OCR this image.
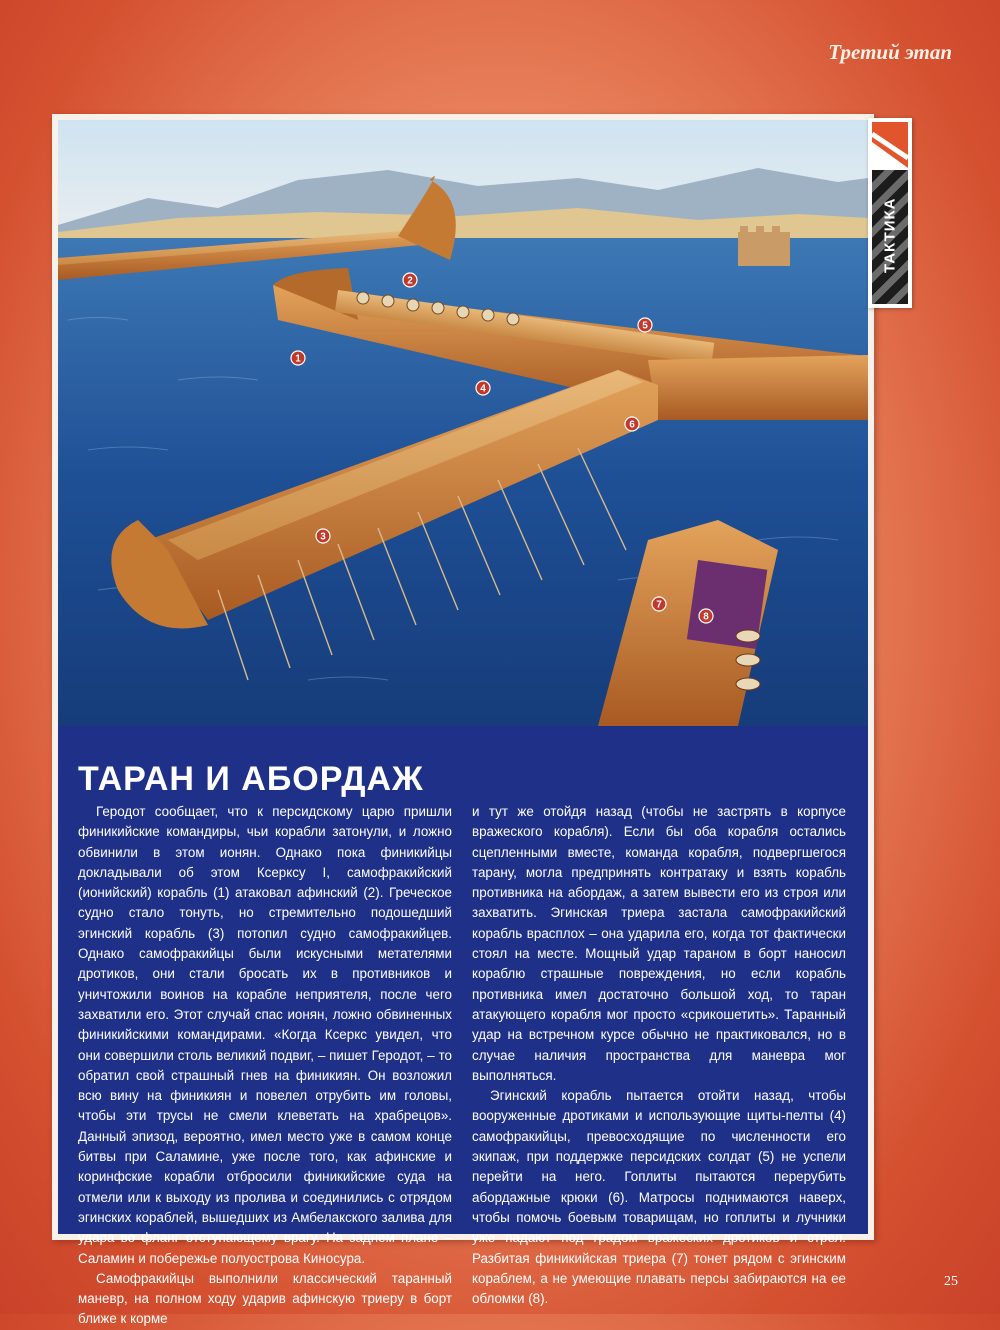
Третий этап
1
2
3
4
5
6
7
8
ТАКТИКА
ТАРАН И АБОРДАЖ

Геродот сообщает, что к персидскому царю пришли финикийские командиры, чьи корабли затонули, и ложно обвинили в этом ионян. Однако пока финикийцы докладывали об этом Ксерксу I, самофракийский (ионийский) корабль (1) атаковал афинский (2). Греческое судно стало тонуть, но стремительно подошедший эгинский корабль (3) потопил судно самофракийцев. Однако самофракийцы были искусными метателями дротиков, они стали бросать их в противников и уничтожили воинов на корабле неприятеля, после чего захватили его. Этот случай спас ионян, ложно обвиненных финикийскими командирами. «Когда Ксеркс увидел, что они совершили столь великий подвиг, – пишет Геродот, – то обратил свой страшный гнев на финикиян. Он возложил всю вину на финикиян и повелел отрубить им головы, чтобы эти трусы не смели клеветать на храбрецов». Данный эпизод, вероятно, имел место уже в самом конце битвы при Саламине, уже после того, как афинские и коринфские корабли отбросили финикийские суда на отмели или к выходу из пролива и соединились с отрядом эгинских кораблей, вышедших из Амбелакского залива для удара во фланг отступающему врагу. На заднем плане – Саламин и побережье полуострова Киносура.

Самофракийцы выполнили классический таранный маневр, на полном ходу ударив афинскую триеру в борт ближе к корме

и тут же отойдя назад (чтобы не застрять в корпусе вражеского корабля). Если бы оба корабля остались сцепленными вместе, команда корабля, подвергшегося тарану, могла предпринять контратаку и взять корабль противника на абордаж, а затем вывести его из строя или захватить. Эгинская триера застала самофракийский корабль врасплох – она ударила его, когда тот фактически стоял на месте. Мощный удар тараном в борт наносил кораблю страшные повреждения, но если корабль противника имел достаточно большой ход, то таран атакующего корабля мог просто «срикошетить». Таранный удар на встречном курсе обычно не практиковался, но в случае наличия пространства для маневра мог выполняться.

Эгинский корабль пытается отойти назад, чтобы вооруженные дротиками и использующие щиты-пелты (4) самофракийцы, превосходящие по численности его экипаж, при поддержке персидских солдат (5) не успели перейти на него. Гоплиты пытаются перерубить абордажные крюки (6). Матросы поднимаются наверх, чтобы помочь боевым товарищам, но гоплиты и лучники уже падают под градом вражеских дротиков и стрел. Разбитая финикийская триера (7) тонет рядом с эгинским кораблем, а не умеющие плавать персы забираются на ее обломки (8).

25
